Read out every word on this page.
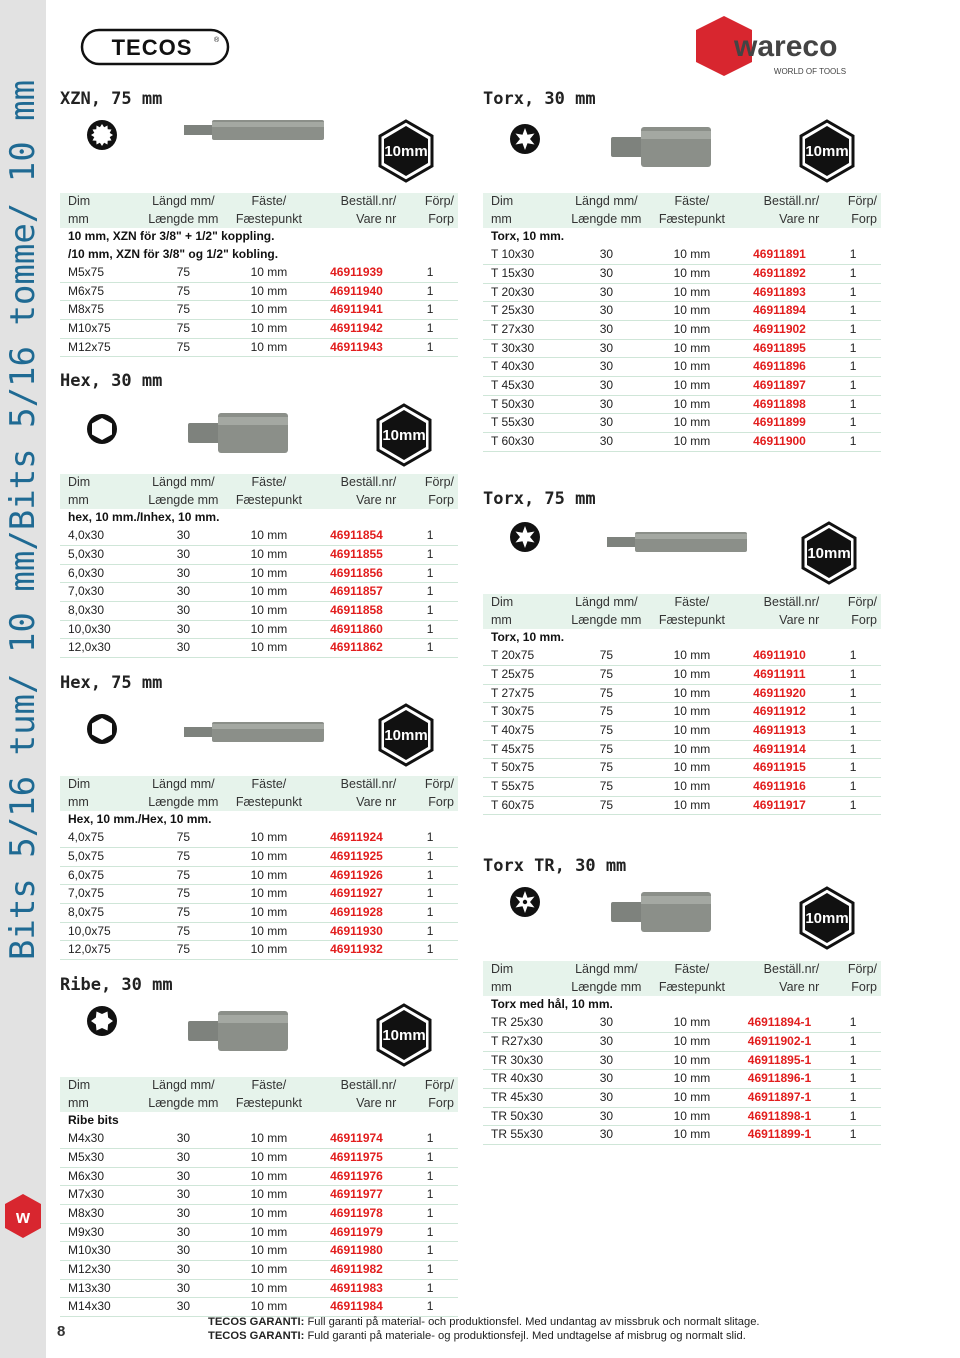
Bits 5/16 tum/ 10 mm/Bits 5/16 tomme/ 10 mm
w
8
TECOS	®	wareco
WORLD OF TOOLS
XZN, 75 mm
10mm
Dim	Längd mm/	Fäste/	Beställ.nr/	Förp/
mm	Længde mm	Fæstepunkt	Vare nr	Forp
10 mm, XZN för 3/8" + 1/2" koppling.				
/10 mm, XZN för 3/8" og 1/2" kobling.				
M5x75	75	10 mm	46911939	1
M6x75	75	10 mm	46911940	1
M8x75	75	10 mm	46911941	1
M10x75	75	10 mm	46911942	1
M12x75	75	10 mm	46911943	1
Hex, 30 mm
10mm
Dim	Längd mm/	Fäste/	Beställ.nr/	Förp/
mm	Længde mm	Fæstepunkt	Vare nr	Forp
hex, 10 mm./Inhex, 10 mm.				
4,0x30	30	10 mm	46911854	1
5,0x30	30	10 mm	46911855	1
6,0x30	30	10 mm	46911856	1
7,0x30	30	10 mm	46911857	1
8,0x30	30	10 mm	46911858	1
10,0x30	30	10 mm	46911860	1
12,0x30	30	10 mm	46911862	1
Hex, 75 mm
10mm
Dim	Längd mm/	Fäste/	Beställ.nr/	Förp/
mm	Længde mm	Fæstepunkt	Vare nr	Forp
Hex, 10 mm./Hex, 10 mm.				
4,0x75	75	10 mm	46911924	1
5,0x75	75	10 mm	46911925	1
6,0x75	75	10 mm	46911926	1
7,0x75	75	10 mm	46911927	1
8,0x75	75	10 mm	46911928	1
10,0x75	75	10 mm	46911930	1
12,0x75	75	10 mm	46911932	1
Ribe, 30 mm
10mm
Dim	Längd mm/	Fäste/	Beställ.nr/	Förp/
mm	Længde mm	Fæstepunkt	Vare nr	Forp
Ribe bits				
M4x30	30	10 mm	46911974	1
M5x30	30	10 mm	46911975	1
M6x30	30	10 mm	46911976	1
M7x30	30	10 mm	46911977	1
M8x30	30	10 mm	46911978	1
M9x30	30	10 mm	46911979	1
M10x30	30	10 mm	46911980	1
M12x30	30	10 mm	46911982	1
M13x30	30	10 mm	46911983	1
M14x30	30	10 mm	46911984	1
Torx, 30 mm
10mm
Dim	Längd mm/	Fäste/	Beställ.nr/	Förp/
mm	Længde mm	Fæstepunkt	Vare nr	Forp
Torx, 10 mm.				
T 10x30	30	10 mm	46911891	1
T 15x30	30	10 mm	46911892	1
T 20x30	30	10 mm	46911893	1
T 25x30	30	10 mm	46911894	1
T 27x30	30	10 mm	46911902	1
T 30x30	30	10 mm	46911895	1
T 40x30	30	10 mm	46911896	1
T 45x30	30	10 mm	46911897	1
T 50x30	30	10 mm	46911898	1
T 55x30	30	10 mm	46911899	1
T 60x30	30	10 mm	46911900	1
Torx, 75 mm
10mm
Dim	Längd mm/	Fäste/	Beställ.nr/	Förp/
mm	Længde mm	Fæstepunkt	Vare nr	Forp
Torx, 10 mm.				
T 20x75	75	10 mm	46911910	1
T 25x75	75	10 mm	46911911	1
T 27x75	75	10 mm	46911920	1
T 30x75	75	10 mm	46911912	1
T 40x75	75	10 mm	46911913	1
T 45x75	75	10 mm	46911914	1
T 50x75	75	10 mm	46911915	1
T 55x75	75	10 mm	46911916	1
T 60x75	75	10 mm	46911917	1
Torx TR, 30 mm
10mm
Dim	Längd mm/	Fäste/	Beställ.nr/	Förp/
mm	Længde mm	Fæstepunkt	Vare nr	Forp
Torx med hål, 10 mm.				
TR 25x30	30	10 mm	46911894-1	1
T R27x30	30	10 mm	46911902-1	1
TR 30x30	30	10 mm	46911895-1	1
TR 40x30	30	10 mm	46911896-1	1
TR 45x30	30	10 mm	46911897-1	1
TR 50x30	30	10 mm	46911898-1	1
TR 55x30	30	10 mm	46911899-1	1
TECOS GARANTI: Full garanti på material- och produktionsfel. Med undantag av missbruk och normalt slitage.
TECOS GARANTI: Fuld garanti på materiale- og produktionsfejl. Med undtagelse af misbrug og normalt slid.
